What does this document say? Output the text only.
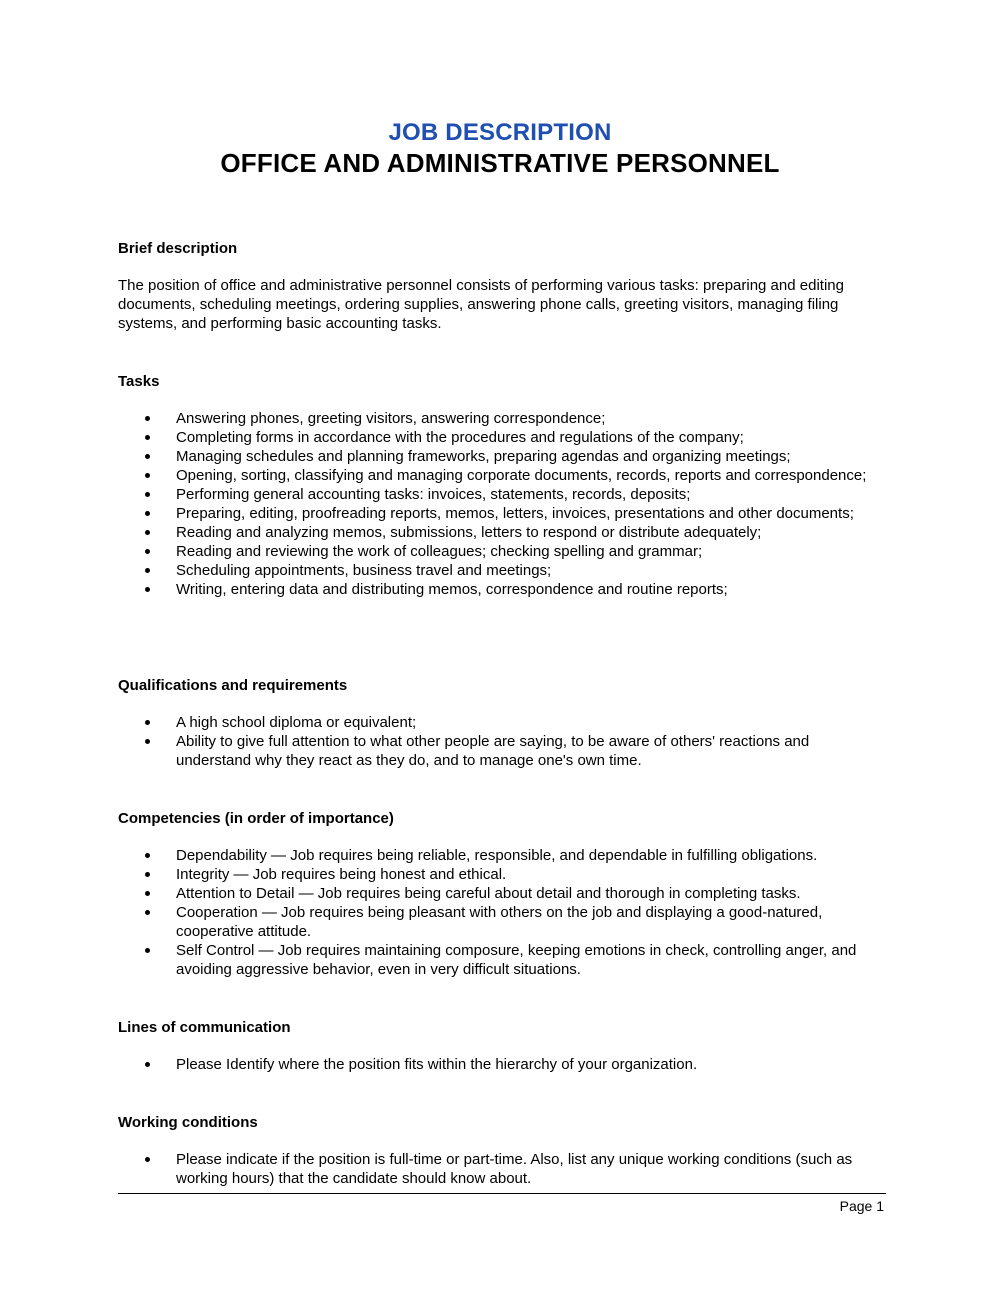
JOB DESCRIPTION
OFFICE AND ADMINISTRATIVE PERSONNEL
Brief description

The position of office and administrative personnel consists of performing various tasks: preparing and editing documents, scheduling meetings, ordering supplies, answering phone calls, greeting visitors, managing filing systems, and performing basic accounting tasks.

Tasks
Answering phones, greeting visitors, answering correspondence;
Completing forms in accordance with the procedures and regulations of the company;
Managing schedules and planning frameworks, preparing agendas and organizing meetings;
Opening, sorting, classifying and managing corporate documents, records, reports and correspondence;
Performing general accounting tasks: invoices, statements, records, deposits;
Preparing, editing, proofreading reports, memos, letters, invoices, presentations and other documents;
Reading and analyzing memos, submissions, letters to respond or distribute adequately;
Reading and reviewing the work of colleagues; checking spelling and grammar;
Scheduling appointments, business travel and meetings;
Writing, entering data and distributing memos, correspondence and routine reports;
Qualifications and requirements
A high school diploma or equivalent;
Ability to give full attention to what other people are saying, to be aware of others' reactions and understand why they react as they do, and to manage one's own time.
Competencies (in order of importance)
Dependability — Job requires being reliable, responsible, and dependable in fulfilling obligations.
Integrity — Job requires being honest and ethical.
Attention to Detail — Job requires being careful about detail and thorough in completing tasks.
Cooperation — Job requires being pleasant with others on the job and displaying a good-natured, cooperative attitude.
Self Control — Job requires maintaining composure, keeping emotions in check, controlling anger, and avoiding aggressive behavior, even in very difficult situations.
Lines of communication
Please Identify where the position fits within the hierarchy of your organization.
Working conditions
Please indicate if the position is full-time or part-time. Also, list any unique working conditions (such as working hours) that the candidate should know about.
Page 1
